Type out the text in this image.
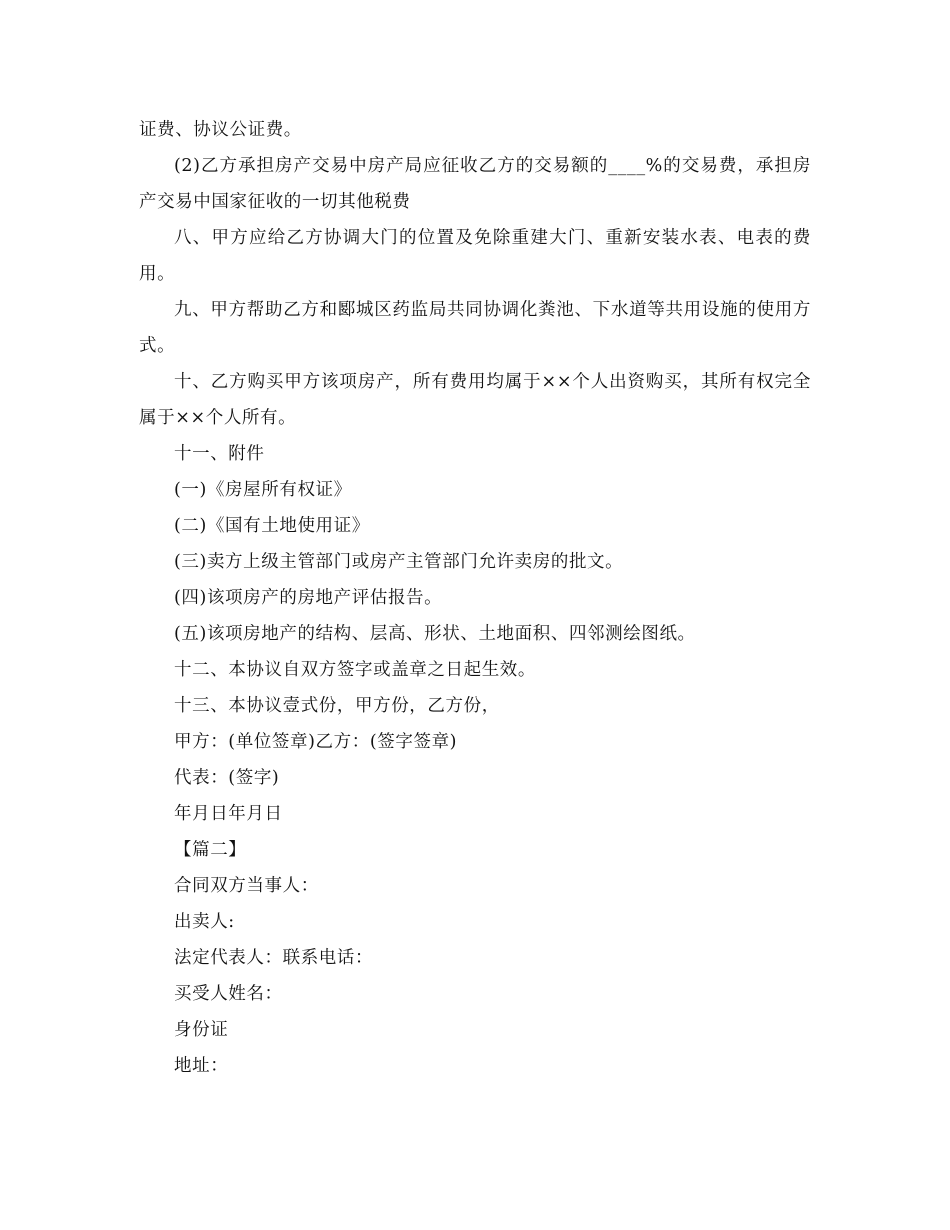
证费、协议公证费。

(2)乙方承担房产交易中房产局应征收乙方的交易额的____%的交易费，承担房产交易中国家征收的一切其他税费

八、甲方应给乙方协调大门的位置及免除重建大门、重新安装水表、电表的费用。

九、甲方帮助乙方和郾城区药监局共同协调化粪池、下水道等共用设施的使用方式。

十、乙方购买甲方该项房产，所有费用均属于××个人出资购买，其所有权完全属于××个人所有。

十一、附件

(一)《房屋所有权证》

(二)《国有土地使用证》

(三)卖方上级主管部门或房产主管部门允许卖房的批文。

(四)该项房产的房地产评估报告。

(五)该项房地产的结构、层高、形状、土地面积、四邻测绘图纸。

十二、本协议自双方签字或盖章之日起生效。

十三、本协议壹式份，甲方份，乙方份，

甲方：(单位签章)乙方：(签字签章)

代表：(签字)

年月日年月日

【篇二】

合同双方当事人：

出卖人:

法定代表人：联系电话：

买受人姓名：

身份证

地址：
